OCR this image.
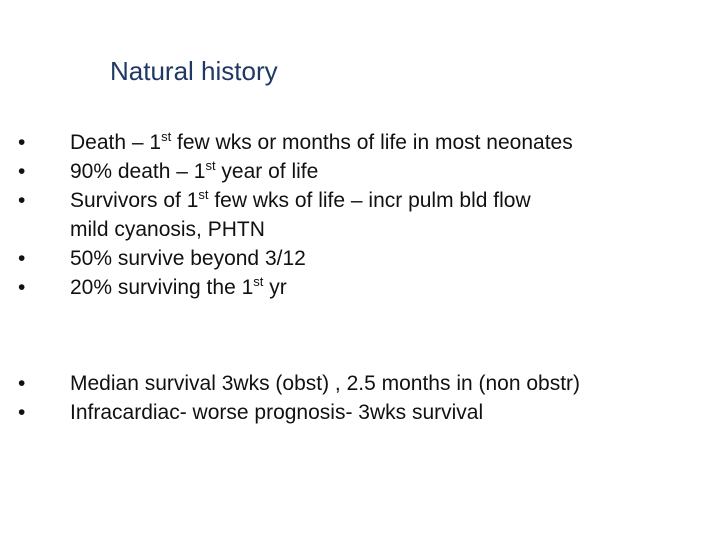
Natural history
•	Death – 1st few wks or months of life in most neonates
•	90% death – 1st year of life
•	Survivors of 1st few wks of life – incr pulm bld flow
mild cyanosis, PHTN
•	50% survive beyond 3/12
•	20% surviving the 1st yr
•	Median survival 3wks (obst) , 2.5 months in (non obstr)
•	Infracardiac- worse prognosis- 3wks survival
